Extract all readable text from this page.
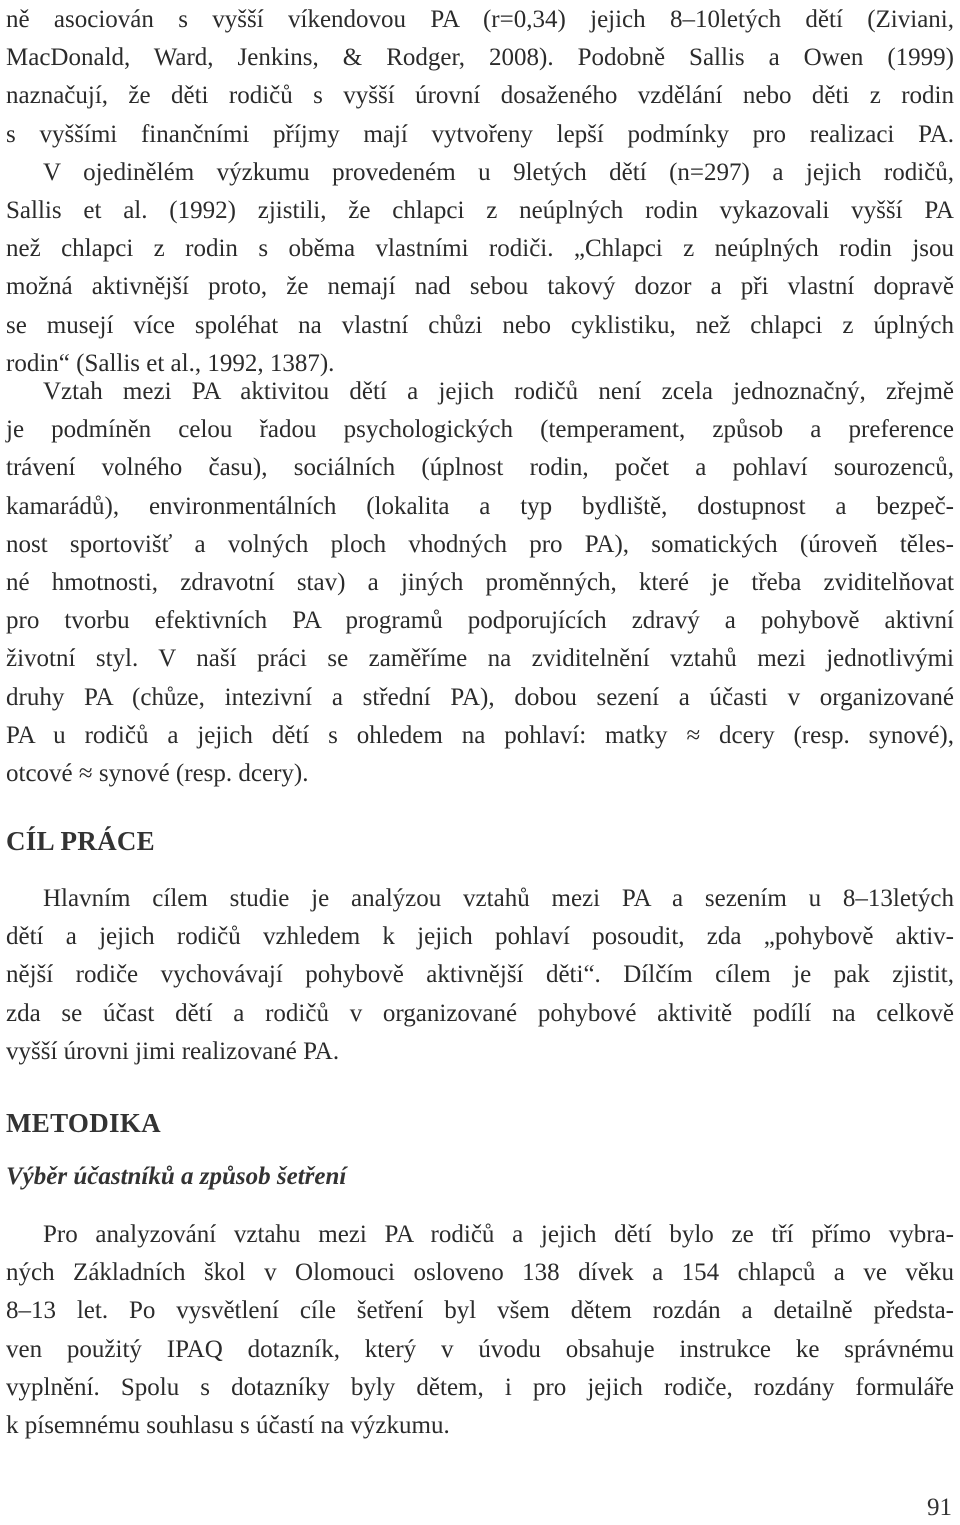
ně asociován s vyšší víkendovou PA (r=0,34) jejich 8–10letých dětí (Ziviani,
MacDonald, Ward, Jenkins, & Rodger, 2008). Podobně Sallis a Owen (1999)
naznačují, že děti rodičů s vyšší úrovní dosaženého vzdělání nebo děti z rodin
s vyššími finančními příjmy mají vytvořeny lepší podmínky pro realizaci PA.
V ojedinělém výzkumu provedeném u 9letých dětí (n=297) a jejich rodičů,
Sallis et al. (1992) zjistili, že chlapci z neúplných rodin vykazovali vyšší PA
než chlapci z rodin s oběma vlastními rodiči. „Chlapci z neúplných rodin jsou
možná aktivnější proto, že nemají nad sebou takový dozor a při vlastní dopravě
se musejí více spoléhat na vlastní chůzi nebo cyklistiku, než chlapci z úplných
rodin“ (Sallis et al., 1992, 1387).
Vztah mezi PA aktivitou dětí a jejich rodičů není zcela jednoznačný, zřejmě
je podmíněn celou řadou psychologických (temperament, způsob a preference
trávení volného času), sociálních (úplnost rodin, počet a pohlaví sourozenců,
kamarádů), environmentálních (lokalita a typ bydliště, dostupnost a bezpeč-
nost sportovišť a volných ploch vhodných pro PA), somatických (úroveň těles-
né hmotnosti, zdravotní stav) a jiných proměnných, které je třeba zviditelňovat
pro tvorbu efektivních PA programů podporujících zdravý a pohybově aktivní
životní styl. V naší práci se zaměříme na zviditelnění vztahů mezi jednotlivými
druhy PA (chůze, intezivní a střední PA), dobou sezení a účasti v organizované
PA u rodičů a jejich dětí s ohledem na pohlaví: matky ≈ dcery (resp. synové),
otcové ≈ synové (resp. dcery).
CÍL PRÁCE
Hlavním cílem studie je analýzou vztahů mezi PA a sezením u 8–13letých
dětí a jejich rodičů vzhledem k jejich pohlaví posoudit, zda „pohybově aktiv-
nější rodiče vychovávají pohybově aktivnější děti“. Dílčím cílem je pak zjistit,
zda se účast dětí a rodičů v organizované pohybové aktivitě podílí na celkově
vyšší úrovni jimi realizované PA.
METODIKA
Výběr účastníků a způsob šetření
Pro analyzování vztahu mezi PA rodičů a jejich dětí bylo ze tří přímo vybra-
ných Základních škol v Olomouci osloveno 138 dívek a 154 chlapců a ve věku
8–13 let. Po vysvětlení cíle šetření byl všem dětem rozdán a detailně předsta-
ven použitý IPAQ dotazník, který v úvodu obsahuje instrukce ke správnému
vyplnění. Spolu s dotazníky byly dětem, i pro jejich rodiče, rozdány formuláře
k písemnému souhlasu s účastí na výzkumu.

91
